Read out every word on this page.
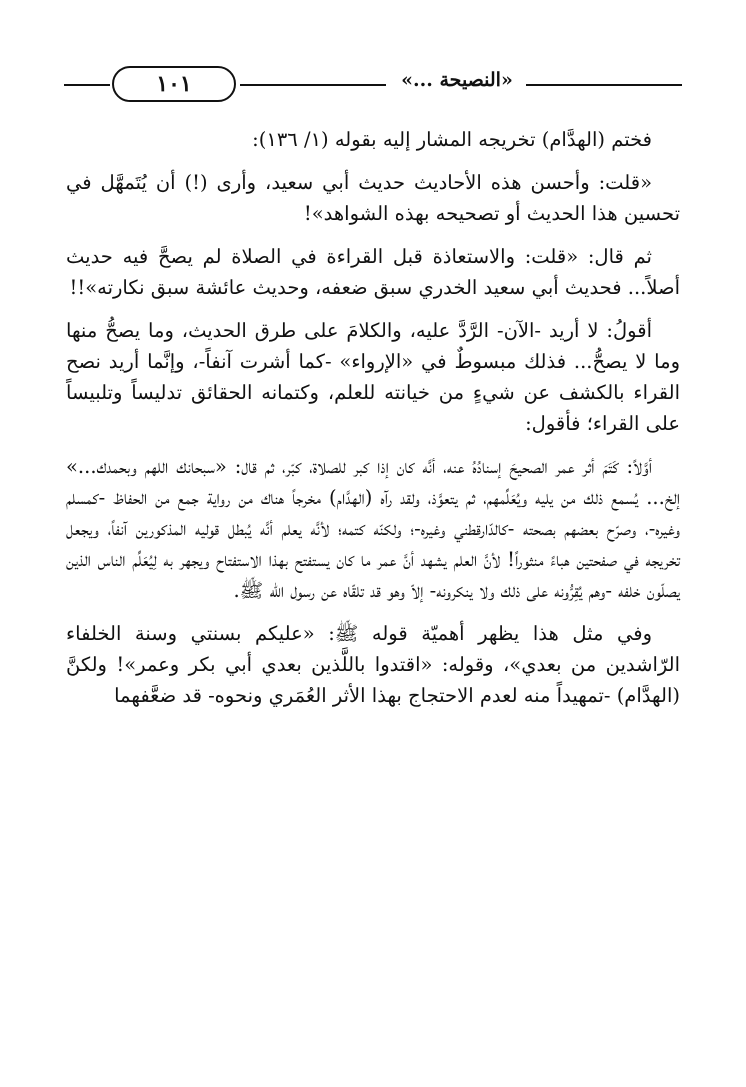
١٠١	«النصيحة ...»

فختم (الهدَّام) تخريجه المشار إليه بقوله (١/ ١٣٦):

«قلت: وأحسن هذه الأحاديث حديث أبي سعيد، وأرى (!) أن يُتَمهَّل في تحسين هذا الحديث أو تصحيحه بهذه الشواهد»!

ثم قال: «قلت: والاستعاذة قبل القراءة في الصلاة لم يصحَّ فيه حديث أصلاً... فحديث أبي سعيد الخدري سبق ضعفه، وحديث عائشة سبق نكارته»!!

أقولُ: لا أريد -الآن- الرَّدَّ عليه، والكلامَ على طرق الحديث، وما يصحُّ منها وما لا يصحُّ... فذلك مبسوطٌ في «الإرواء» -كما أشرت آنفاً-، وإنَّما أريد نصح القراء بالكشف عن شيءٍ من خيانته للعلم، وكتمانه الحقائق تدليساً وتلبيساً على القراء؛ فأقول:

أوَّلاً: كَتَمَ أثر عمر الصحيحَ إسنادُهُ عنه، أنَّه كان إذا كبر للصلاة، كبّر، ثم قال: «سبحانك اللهم وبحمدك...» إلخ... يُسمع ذلك من يليه ويُعَلِّمهم، ثم يتعوَّذ، ولقد رآه (الهدَّام) مخرجاً هناك من رواية جمع من الحفاظ -كمسلم وغيره-، وصرّح بعضهم بصحته -كالدّارقطني وغيره-؛ ولكنّه كتمه؛ لأنَّه يعلم أنَّه يُبطل قوليه المذكورين آنفاً، ويجعل تخريجه في صفحتين هباءً منثوراً! لأنَّ العلم يشهد أنَّ عمر ما كان يستفتح بهذا الاستفتاح ويجهر به لِيُعَلِّم الناس الذين يصلّون خلفه -وهم يُقِرُّونه على ذلك ولا ينكرونه- إلاّ وهو قد تلقّاه عن رسول الله ﷺ.

وفي مثل هذا يظهر أهميّة قوله ﷺ: «عليكم بسنتي وسنة الخلفاء الرّاشدين من بعدي»، وقوله: «اقتدوا باللَّذين بعدي أبي بكر وعمر»! ولكنَّ (الهدَّام) -تمهيداً منه لعدم الاحتجاج بهذا الأثر العُمَري ونحوه- قد ضعَّفهما
